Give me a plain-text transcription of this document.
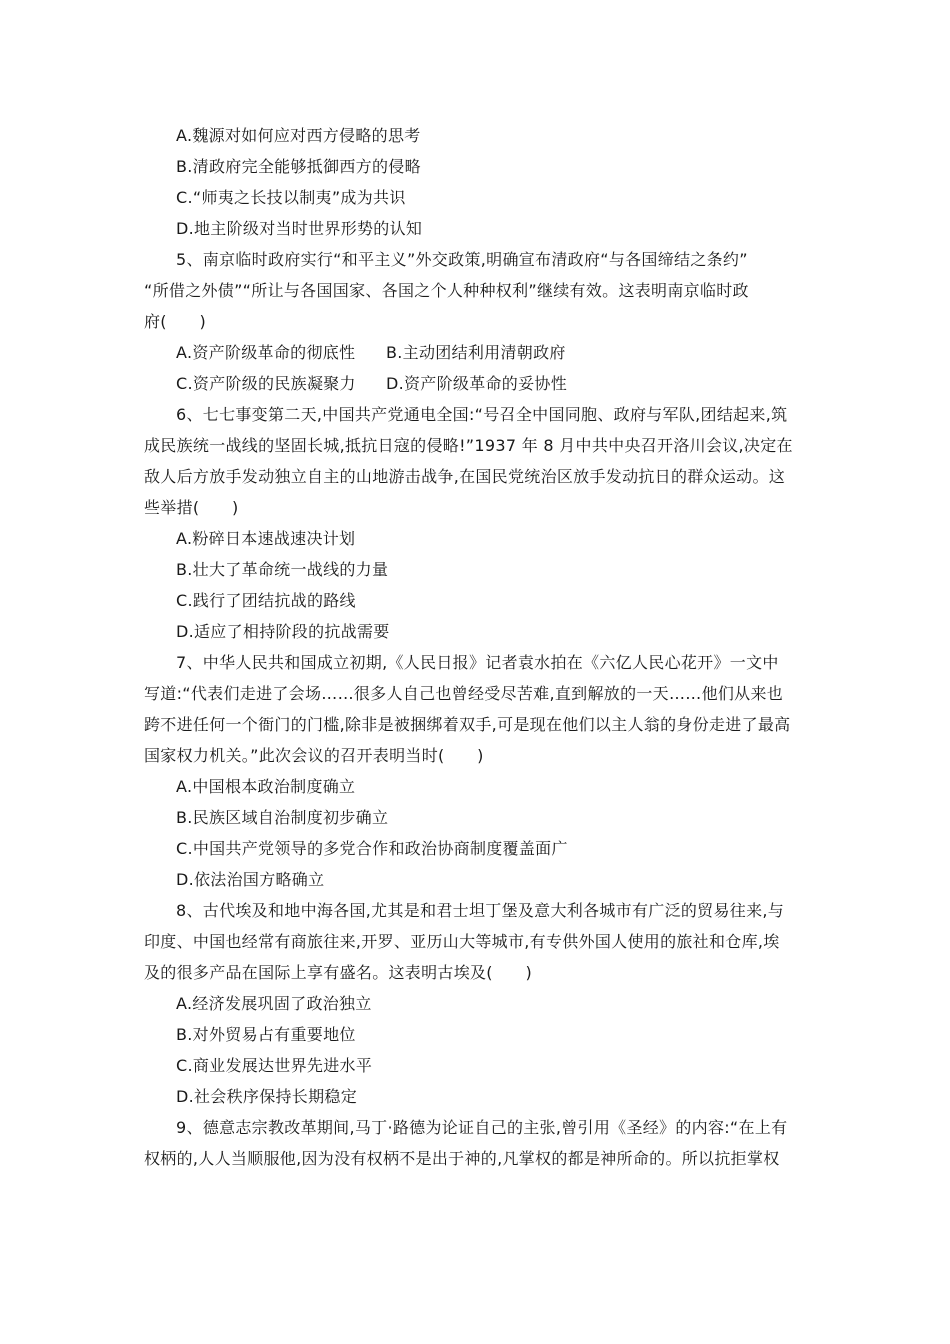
A.魏源对如何应对西方侵略的思考
B.清政府完全能够抵御西方的侵略
C.“师夷之长技以制夷”成为共识
D.地主阶级对当时世界形势的认知
5、南京临时政府实行“和平主义”外交政策,明确宣布清政府“与各国缔结之条约”
“所借之外债”“所让与各国国家、各国之个人种种权利”继续有效。这表明南京临时政
府(　　)
A.资产阶级革命的彻底性	B.主动团结利用清朝政府
C.资产阶级的民族凝聚力	D.资产阶级革命的妥协性
6、七七事变第二天,中国共产党通电全国:“号召全中国同胞、政府与军队,团结起来,筑
成民族统一战线的坚固长城,抵抗日寇的侵略!”1937 年 8 月中共中央召开洛川会议,决定在
敌人后方放手发动独立自主的山地游击战争,在国民党统治区放手发动抗日的群众运动。这
些举措(　　)
A.粉碎日本速战速决计划
B.壮大了革命统一战线的力量
C.践行了团结抗战的路线
D.适应了相持阶段的抗战需要
7、中华人民共和国成立初期,《人民日报》记者袁水拍在《六亿人民心花开》一文中
写道:“代表们走进了会场……很多人自己也曾经受尽苦难,直到解放的一天……他们从来也
跨不进任何一个衙门的门槛,除非是被捆绑着双手,可是现在他们以主人翁的身份走进了最高
国家权力机关。”此次会议的召开表明当时(　　)
A.中国根本政治制度确立
B.民族区域自治制度初步确立
C.中国共产党领导的多党合作和政治协商制度覆盖面广
D.依法治国方略确立
8、古代埃及和地中海各国,尤其是和君士坦丁堡及意大利各城市有广泛的贸易往来,与
印度、中国也经常有商旅往来,开罗、亚历山大等城市,有专供外国人使用的旅社和仓库,埃
及的很多产品在国际上享有盛名。这表明古埃及(　　)
A.经济发展巩固了政治独立
B.对外贸易占有重要地位
C.商业发展达世界先进水平
D.社会秩序保持长期稳定
9、德意志宗教改革期间,马丁·路德为论证自己的主张,曾引用《圣经》的内容:“在上有
权柄的,人人当顺服他,因为没有权柄不是出于神的,凡掌权的都是神所命的。所以抗拒掌权
